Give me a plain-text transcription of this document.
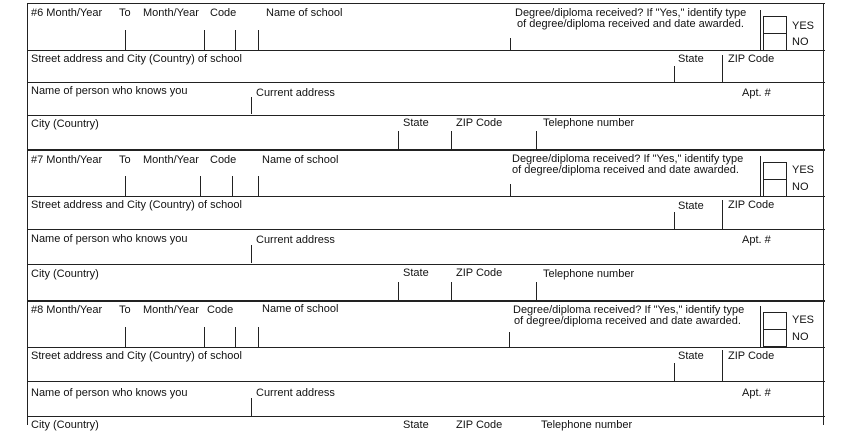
#6 Month/Year To Month/Year Code	Name of school	Degree/diploma received? If "Yes," identify type
of degree/diploma received and date awarded.	YES
NO
Street address and City (Country) of school	State ZIP Code
Name of person who knows you	Current address	Apt. #
City (Country)	State ZIP Code	Telephone number
#7 Month/Year To Month/Year Code Name of school	Degree/diploma received? If "Yes," identify type
of degree/diploma received and date awarded.	YES
NO
Street address and City (Country) of school	State ZIP Code
Name of person who knows you	Current address	Apt. #
City (Country)	State ZIP Code	Telephone number
#8 Month/Year To Month/Year Code	Name of school	Degree/diploma received? If "Yes," identify type
of degree/diploma received and date awarded.	YES
NO
Street address and City (Country) of school	State ZIP Code
Name of person who knows you	Current address	Apt. #
City (Country)	State ZIP Code	Telephone number
